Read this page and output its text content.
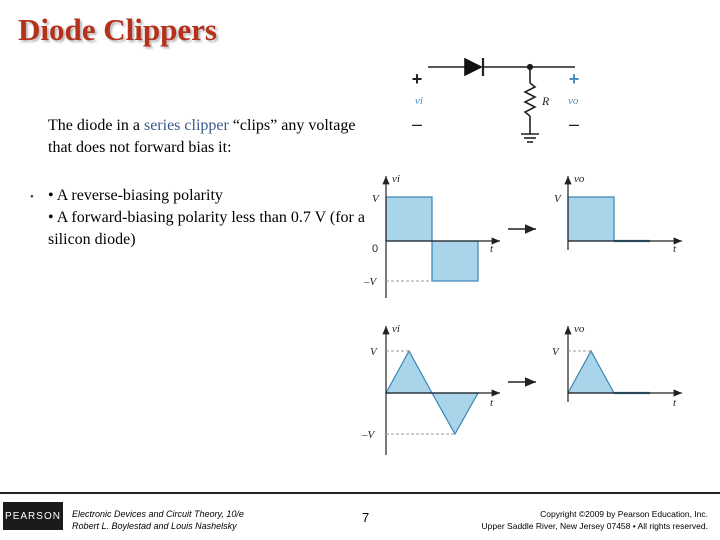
Diode Clippers
The diode in a series clipper “clips” any voltage that does not forward bias it:
• • A reverse-biasing polarity
• A forward-biasing polarity less than 0.7 V (for a silicon diode)
+
vi
–
R
+
vo
–
vi
V
0
–V
t
vo
V
t
vi
V
–V
t
vo
V
t
PEARSON Electronic Devices and Circuit Theory, 10/e
Robert L. Boylestad and Louis Nashelsky
7	Copyright ©2009 by Pearson Education, Inc.
Upper Saddle River, New Jersey 07458 • All rights reserved.
